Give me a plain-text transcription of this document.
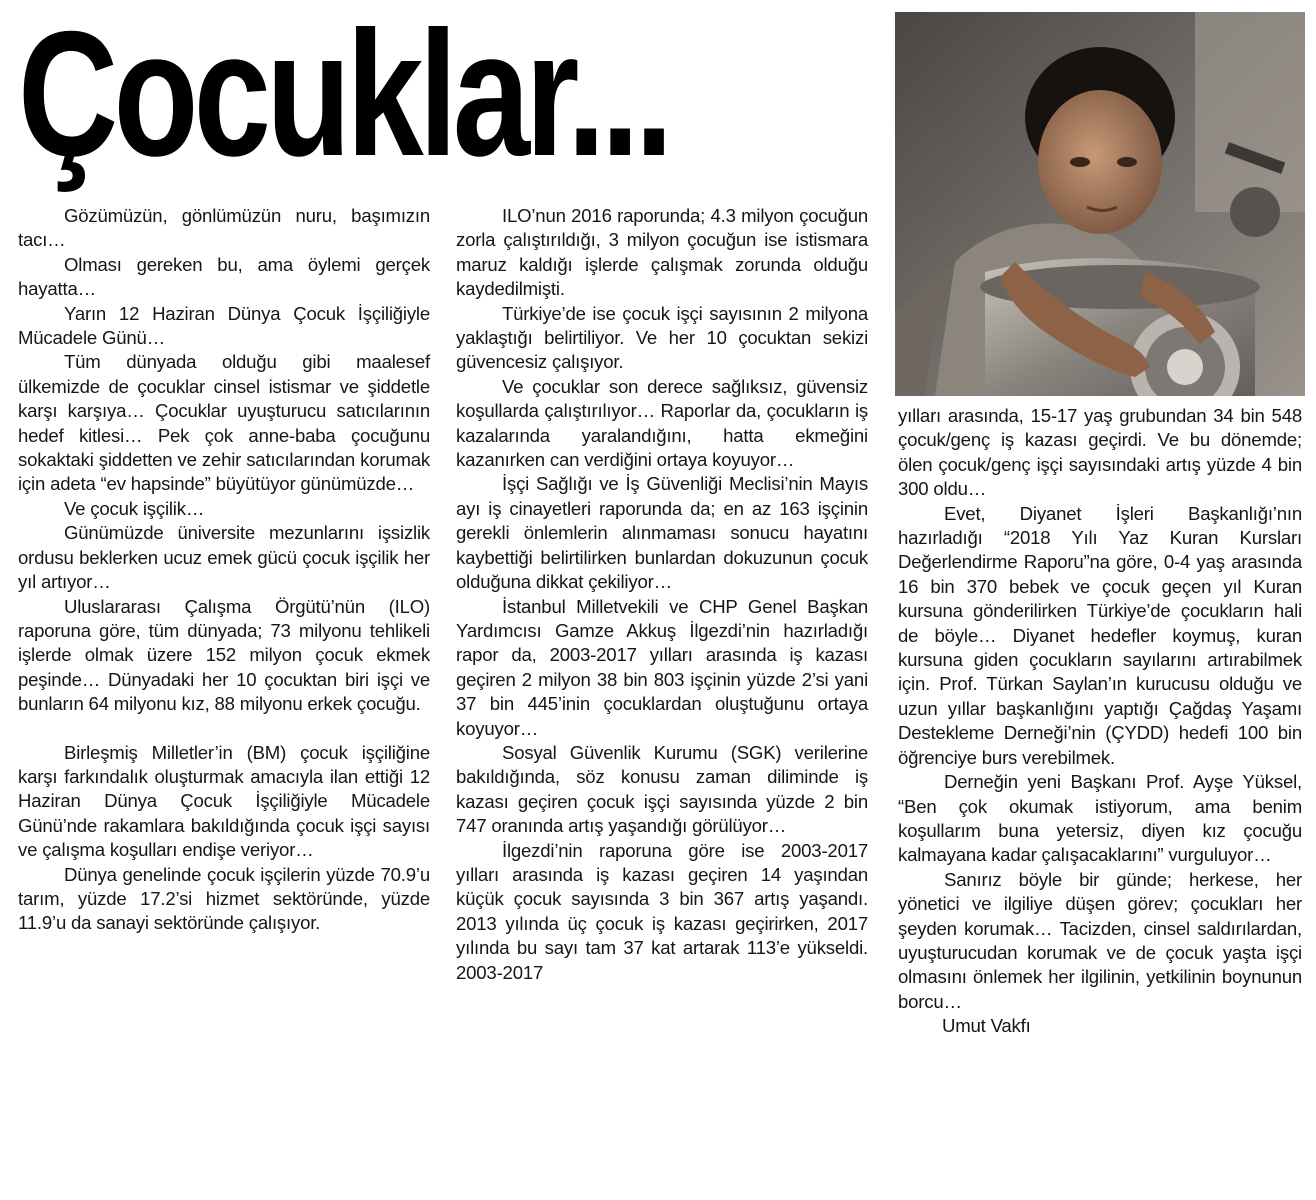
Çocuklar...

Gözümüzün, gönlümüzün nuru, başımızın tacı…

Olması gereken bu, ama öylemi gerçek hayatta…

Yarın 12 Haziran Dünya Çocuk İşçiliğiyle Mücadele Günü…

Tüm dünyada olduğu gibi maalesef ülkemizde de çocuklar cinsel istismar ve şiddetle karşı karşıya… Çocuklar uyuşturucu satıcılarının hedef kitlesi… Pek çok anne-baba çocuğunu sokaktaki şiddetten ve zehir satıcılarından korumak için adeta “ev hapsinde” büyütüyor günümüzde…

Ve çocuk işçilik…

Günümüzde üniversite mezunlarını işsizlik ordusu beklerken ucuz emek gücü çocuk işçilik her yıl artıyor…

Uluslararası Çalışma Örgütü’nün (ILO) raporuna göre, tüm dünyada; 73 milyonu tehlikeli işlerde olmak üzere 152 milyon çocuk ekmek peşinde… Dünyadaki her 10 çocuktan biri işçi ve bunların 64 milyonu kız, 88 milyonu erkek çocuğu.

Birleşmiş Milletler’in (BM) çocuk işçiliğine karşı farkındalık oluşturmak amacıyla ilan ettiği 12 Haziran Dünya Çocuk İşçiliğiyle Mücadele Günü’nde rakamlara bakıldığında çocuk işçi sayısı ve çalışma koşulları endişe veriyor…

Dünya genelinde çocuk işçilerin yüzde 70.9’u tarım, yüzde 17.2’si hizmet sektöründe, yüzde 11.9’u da sanayi sektöründe çalışıyor.

ILO’nun 2016 raporunda; 4.3 milyon çocuğun zorla çalıştırıldığı, 3 milyon çocuğun ise istismara maruz kaldığı işlerde çalışmak zorunda olduğu kaydedilmişti.

Türkiye’de ise çocuk işçi sayısının 2 milyona yaklaştığı belirtiliyor. Ve her 10 çocuktan sekizi güvencesiz çalışıyor.

Ve çocuklar son derece sağlıksız, güvensiz koşullarda çalıştırılıyor… Raporlar da, çocukların iş kazalarında yaralandığını, hatta ekmeğini kazanırken can verdiğini ortaya koyuyor…

İşçi Sağlığı ve İş Güvenliği Meclisi’nin Mayıs ayı iş cinayetleri raporunda da; en az 163 işçinin gerekli önlemlerin alınmaması sonucu hayatını kaybettiği belirtilirken bunlardan dokuzunun çocuk olduğuna dikkat çekiliyor…

İstanbul Milletvekili ve CHP Genel Başkan Yardımcısı Gamze Akkuş İlgezdi’nin hazırladığı rapor da, 2003-2017 yılları arasında iş kazası geçiren 2 milyon 38 bin 803 işçinin yüzde 2’si yani 37 bin 445’inin çocuklardan oluştuğunu ortaya koyuyor…

Sosyal Güvenlik Kurumu (SGK) verilerine bakıldığında, söz konusu zaman diliminde iş kazası geçiren çocuk işçi sayısında yüzde 2 bin 747 oranında artış yaşandığı görülüyor…

İlgezdi’nin raporuna göre ise 2003-2017 yılları arasında iş kazası geçiren 14 yaşından küçük çocuk sayısında 3 bin 367 artış yaşandı. 2013 yılında üç çocuk iş kazası geçirirken, 2017 yılında bu sayı tam 37 kat artarak 113’e yükseldi. 2003-2017

yılları arasında, 15-17 yaş grubundan 34 bin 548 çocuk/genç iş kazası geçirdi. Ve bu dönemde; ölen çocuk/genç işçi sayısındaki artış yüzde 4 bin 300 oldu…

Evet, Diyanet İşleri Başkanlığı’nın hazırladığı “2018 Yılı Yaz Kuran Kursları Değerlendirme Raporu”na göre, 0-4 yaş arasında 16 bin 370 bebek ve çocuk geçen yıl Kuran kursuna gönderilirken Türkiye’de çocukların hali de böyle… Diyanet hedefler koymuş, kuran kursuna giden çocukların sayılarını artırabilmek için. Prof. Türkan Saylan’ın kurucusu olduğu ve uzun yıllar başkanlığını yaptığı Çağdaş Yaşamı Destekleme Derneği’nin (ÇYDD) hedefi 100 bin öğrenciye burs verebilmek.

Derneğin yeni Başkanı Prof. Ayşe Yüksel, “Ben çok okumak istiyorum, ama benim koşullarım buna yetersiz, diyen kız çocuğu kalmayana kadar çalışacaklarını” vurguluyor…

Sanırız böyle bir günde; herkese, her yönetici ve ilgiliye düşen görev; çocukları her şeyden korumak… Tacizden, cinsel saldırılardan, uyuşturucudan korumak ve de çocuk yaşta işçi olmasını önlemek her ilgilinin, yetkilinin boynunun borcu…

Umut Vakfı
